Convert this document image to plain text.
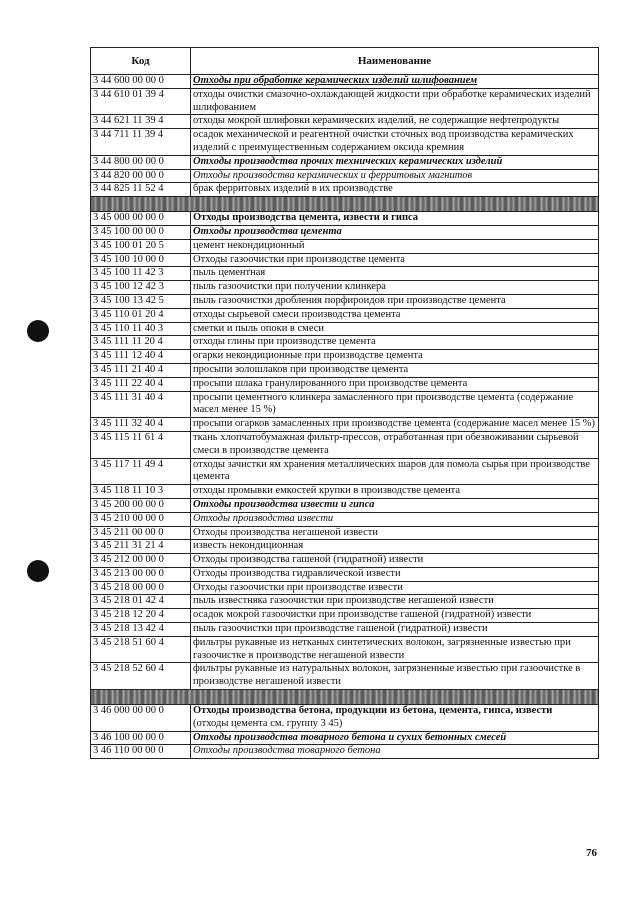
Код	Наименование
3 44 600 00 00 0	Отходы при обработке керамических изделий шлифованием
3 44 610 01 39 4	отходы очистки смазочно-охлаждающей жидкости при обработке керамических изделий шлифованием
3 44 621 11 39 4	отходы мокрой шлифовки керамических изделий, не содержащие нефтепродукты
3 44 711 11 39 4	осадок механической и реагентной очистки сточных вод производства керамических изделий с преимущественным содержанием оксида кремния
3 44 800 00 00 0	Отходы производства прочих технических керамических изделий
3 44 820 00 00 0	Отходы производства керамических и ферритовых магнитов
3 44 825 11 52 4	брак ферритовых изделий в их производстве

3 45 000 00 00 0	Отходы производства цемента, извести и гипса
3 45 100 00 00 0	Отходы производства цемента
3 45 100 01 20 5	цемент некондиционный
3 45 100 10 00 0	Отходы газоочистки при производстве цемента
3 45 100 11 42 3	пыль цементная
3 45 100 12 42 3	пыль газоочистки при получении клинкера
3 45 100 13 42 5	пыль газоочистки дробления порфироидов при производстве цемента
3 45 110 01 20 4	отходы сырьевой смеси производства цемента
3 45 110 11 40 3	сметки и пыль опоки в смеси
3 45 111 11 20 4	отходы глины при производстве цемента
3 45 111 12 40 4	огарки некондиционные при производстве цемента
3 45 111 21 40 4	просыпи золошлаков при производстве цемента
3 45 111 22 40 4	просыпи шлака гранулированного при производстве цемента
3 45 111 31 40 4	просыпи цементного клинкера замасленного при производстве цемента (содержание масел менее 15 %)
3 45 111 32 40 4	просыпи огарков замасленных при производстве цемента (содержание масел менее 15 %)
3 45 115 11 61 4	ткань хлопчатобумажная фильтр-прессов, отработанная при обезвоживании сырьевой смеси в производстве цемента
3 45 117 11 49 4	отходы зачистки ям хранения металлических шаров для помола сырья при производстве цемента
3 45 118 11 10 3	отходы промывки емкостей крупки в производстве цемента
3 45 200 00 00 0	Отходы производства извести и гипса
3 45 210 00 00 0	Отходы производства извести
3 45 211 00 00 0	Отходы производства негашеной извести
3 45 211 31 21 4	известь некондиционная
3 45 212 00 00 0	Отходы производства гашеной (гидратной) извести
3 45 213 00 00 0	Отходы производства гидравлической извести
3 45 218 00 00 0	Отходы газоочистки при производстве извести
3 45 218 01 42 4	пыль известняка газоочистки при производстве негашеной извести
3 45 218 12 20 4	осадок мокрой газоочистки при производстве гашеной (гидратной) извести
3 45 218 13 42 4	пыль газоочистки при производстве гашеной (гидратной) извести
3 45 218 51 60 4	фильтры рукавные из нетканых синтетических волокон, загрязненные известью при газоочистке в производстве негашеной извести
3 45 218 52 60 4	фильтры рукавные из натуральных волокон, загрязненные известью при газоочистке в производстве негашеной извести

3 46 000 00 00 0	Отходы производства бетона, продукции из бетона, цемента, гипса, извести
(отходы цемента см. группу 3 45)
3 46 100 00 00 0	Отходы производства товарного бетона и сухих бетонных смесей
3 46 110 00 00 0	Отходы производства товарного бетона
76
